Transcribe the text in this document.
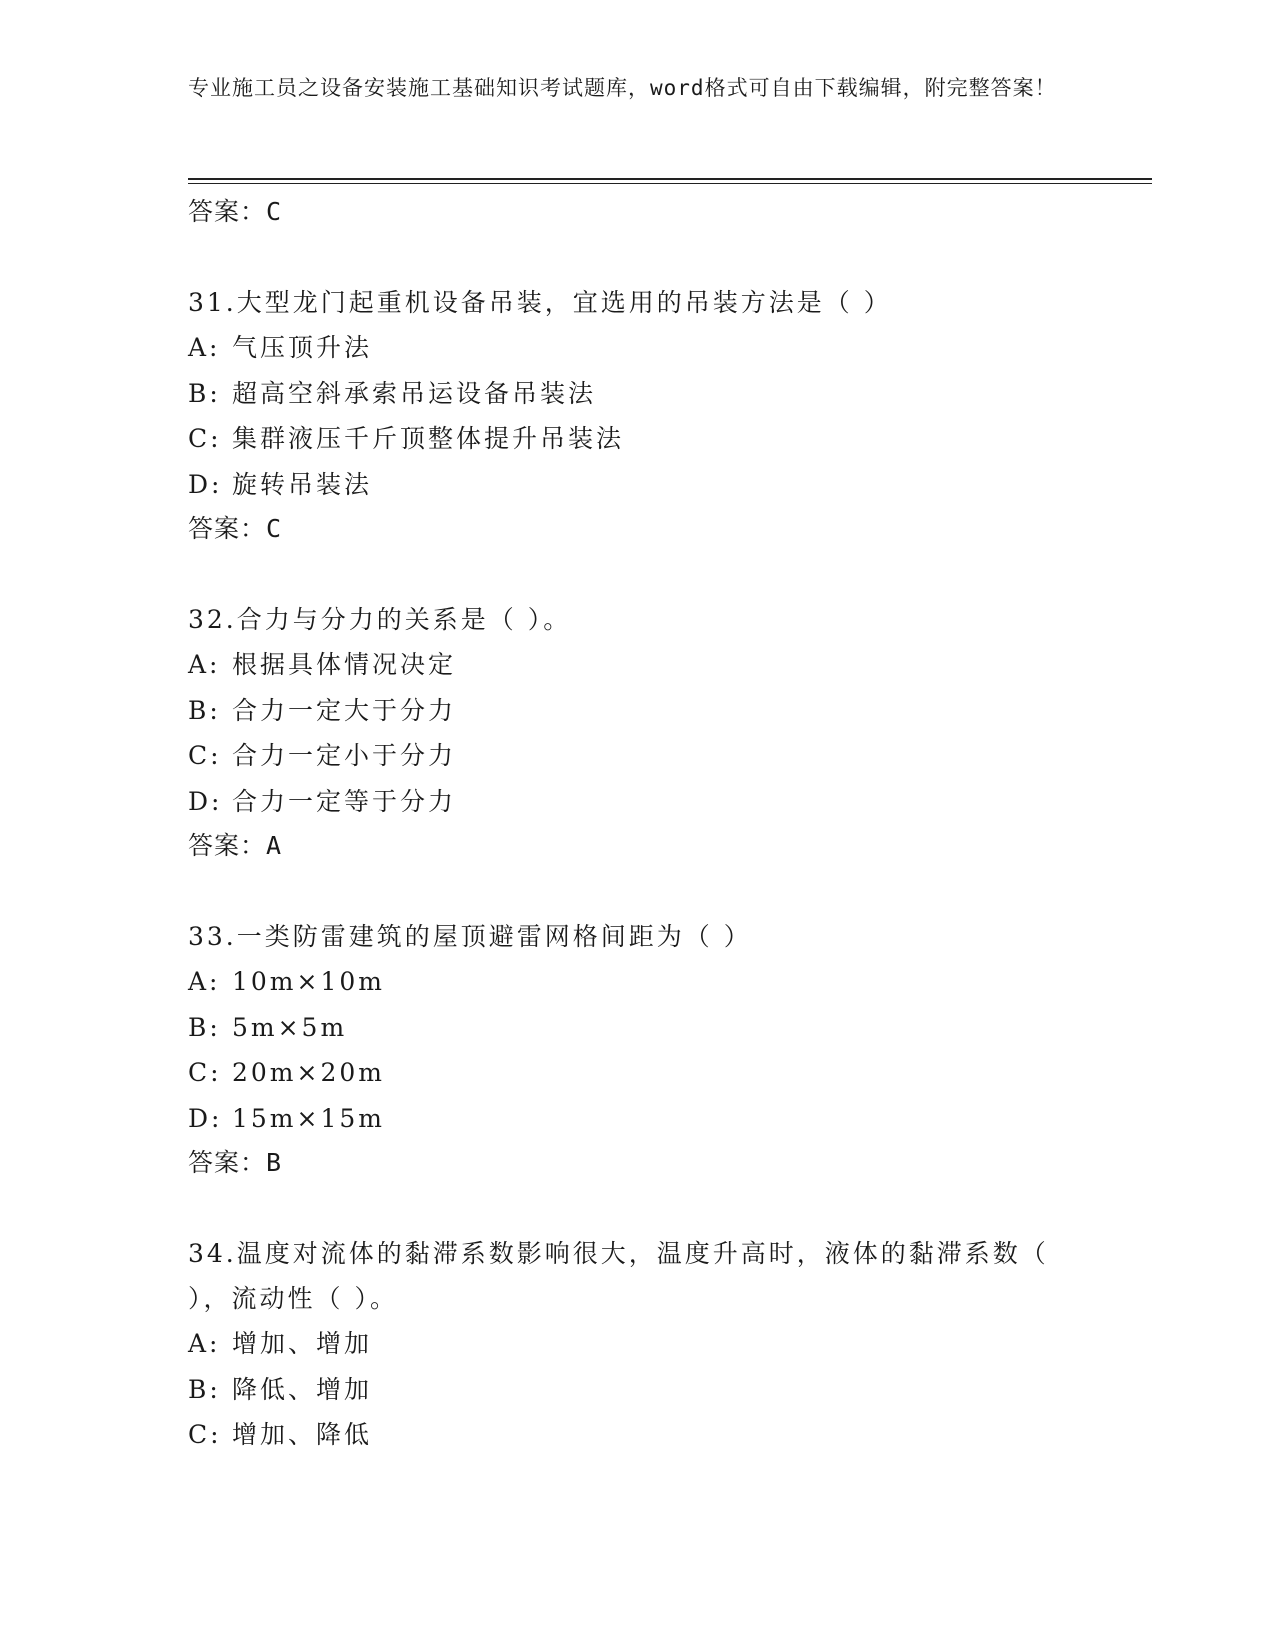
专业施工员之设备安装施工基础知识考试题库，word格式可自由下载编辑，附完整答案！

答案：C

31.大型龙门起重机设备吊装，宜选用的吊装方法是（ ）

A: 气压顶升法

B: 超高空斜承索吊运设备吊装法

C: 集群液压千斤顶整体提升吊装法

D: 旋转吊装法

答案：C

32.合力与分力的关系是（ ）。

A: 根据具体情况决定

B: 合力一定大于分力

C: 合力一定小于分力

D: 合力一定等于分力

答案：A

33.一类防雷建筑的屋顶避雷网格间距为（ ）

A: 10m×10m

B: 5m×5m

C: 20m×20m

D: 15m×15m

答案：B

34.温度对流体的黏滞系数影响很大，温度升高时，液体的黏滞系数（ ），流动性（ ）。

A: 增加、增加

B: 降低、增加

C: 增加、降低
